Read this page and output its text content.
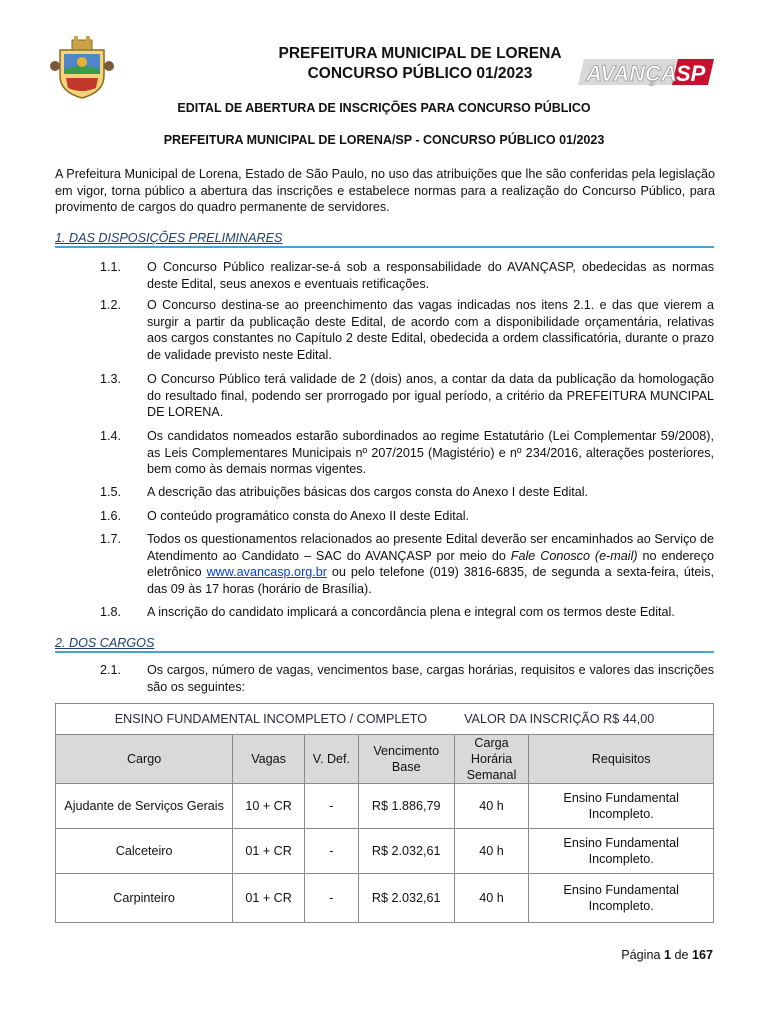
PREFEITURA MUNICIPAL DE LORENA
CONCURSO PÚBLICO 01/2023	AVANÇA SP
EDITAL DE ABERTURA DE INSCRIÇÕES PARA CONCURSO PÚBLICO
PREFEITURA MUNICIPAL DE LORENA/SP - CONCURSO PÚBLICO 01/2023
A Prefeitura Municipal de Lorena, Estado de São Paulo, no uso das atribuições que lhe são conferidas pela legislação em vigor, torna público a abertura das inscrições e estabelece normas para a realização do Concurso Público, para provimento de cargos do quadro permanente de servidores.
1. DAS DISPOSIÇÕES PRELIMINARES
1.1.	O Concurso Público realizar-se-á sob a responsabilidade do AVANÇASP, obedecidas as normas deste Edital, seus anexos e eventuais retificações.
1.2.	O Concurso destina-se ao preenchimento das vagas indicadas nos itens 2.1. e das que vierem a surgir a partir da publicação deste Edital, de acordo com a disponibilidade orçamentária, relativas aos cargos constantes no Capítulo 2 deste Edital, obedecida a ordem classificatória, durante o prazo de validade previsto neste Edital.
1.3.	O Concurso Público terá validade de 2 (dois) anos, a contar da data da publicação da homologação do resultado final, podendo ser prorrogado por igual período, a critério da PREFEITURA MUNCIPAL DE LORENA.
1.4.	Os candidatos nomeados estarão subordinados ao regime Estatutário (Lei Complementar 59/2008), as Leis Complementares Municipais nº 207/2015 (Magistério) e nº 234/2016, alterações posteriores, bem como às demais normas vigentes.
1.5.	A descrição das atribuições básicas dos cargos consta do Anexo I deste Edital.
1.6.	O conteúdo programático consta do Anexo II deste Edital.
1.7.	Todos os questionamentos relacionados ao presente Edital deverão ser encaminhados ao Serviço de Atendimento ao Candidato – SAC do AVANÇASP por meio do Fale Conosco (e-mail) no endereço eletrônico www.avancasp.org.br ou pelo telefone (019) 3816-6835, de segunda a sexta-feira, úteis, das 09 às 17 horas (horário de Brasília).
1.8.	A inscrição do candidato implicará a concordância plena e integral com os termos deste Edital.
2. DOS CARGOS
2.1.	Os cargos, número de vagas, vencimentos base, cargas horárias, requisitos e valores das inscrições são os seguintes:
ENSINO FUNDAMENTAL INCOMPLETO / COMPLETO VALOR DA INSCRIÇÃO R$ 44,00					
Cargo	Vagas	V. Def.	Vencimento Base	Carga Horária Semanal	Requisitos
Ajudante de Serviços Gerais	10 + CR	-	R$ 1.886,79	40 h	Ensino Fundamental Incompleto.
Calceteiro	01 + CR	-	R$ 2.032,61	40 h	Ensino Fundamental Incompleto.
Carpinteiro	01 + CR	-	R$ 2.032,61	40 h	Ensino Fundamental Incompleto.
Página 1 de 167
